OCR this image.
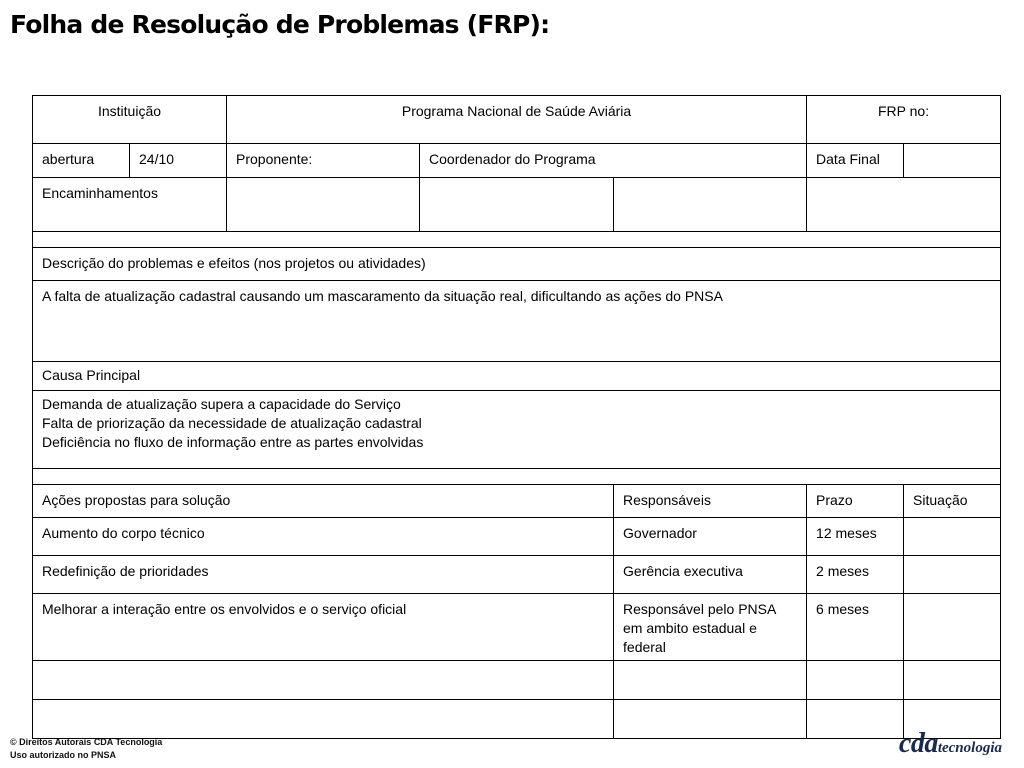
Folha de Resolução de Problemas (FRP):
Instituição		Programa Nacional de Saúde Aviária			FRP no:	
abertura	24/10	Proponente:	Coordenador do Programa		Data Final	
Encaminhamentos						

Descrição do problemas e efeitos (nos projetos ou atividades)						
A falta de atualização cadastral causando um mascaramento da situação real, dificultando as ações do PNSA						
Causa Principal						

Demanda de atualização supera a capacidade do Serviço
Falta de priorização da necessidade de atualização cadastral
Deficiência no fluxo de informação entre as partes envolvidas						

Ações propostas para solução				Responsáveis	Prazo	Situação
Aumento do corpo técnico				Governador	12 meses	
Redefinição de prioridades				Gerência executiva	2 meses	
Melhorar a interação entre os envolvidos e o serviço oficial				Responsável pelo PNSA em ambito estadual e federal	6 meses	

© Direitos Autorais CDA Tecnologia
Uso autorizado no PNSA	cdatecnologia
